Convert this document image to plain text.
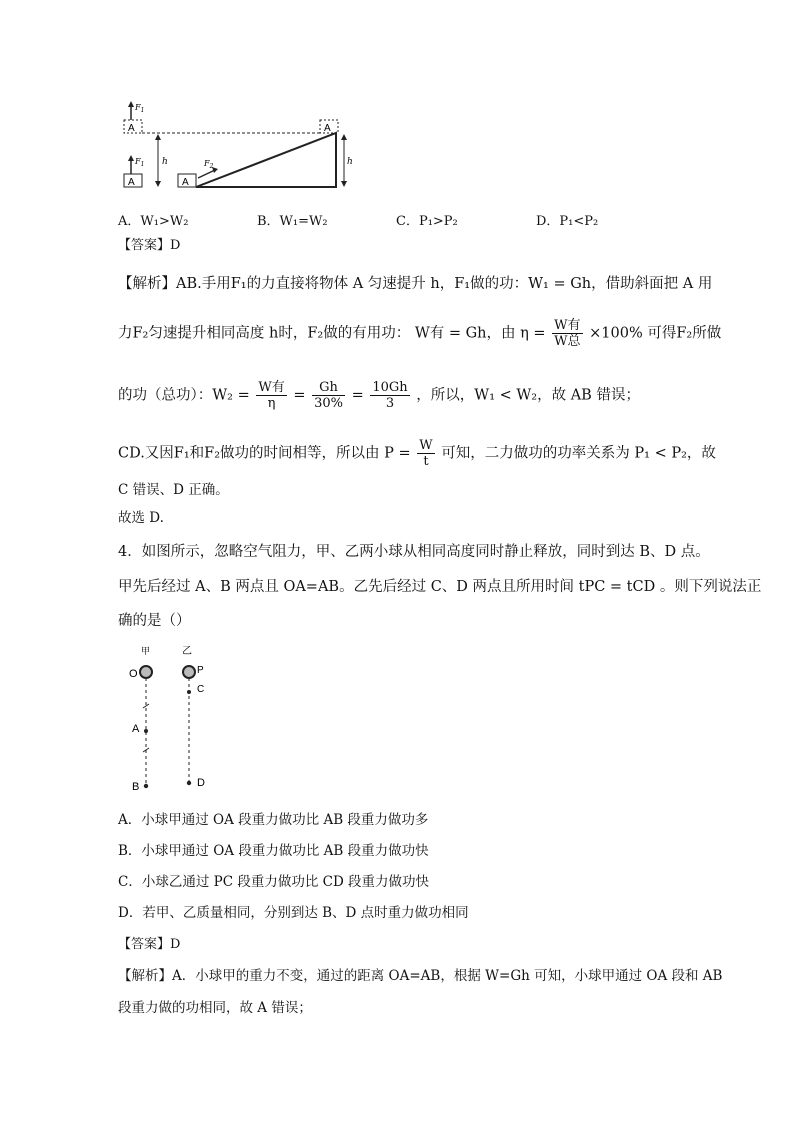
A	A
$F_1$
A
$F_1$ h
A
$F_2$	h
A．W₁>W₂	B．W₁=W₂	C．P₁>P₂	D．P₁<P₂
【答案】D
【解析】AB.手用F₁的力直接将物体 A 匀速提升 h，F₁做的功：W₁ = Gh，借助斜面把 A 用
力F₂匀速提升相同高度 h时，F₂做的有用功： W有 = Gh，由 $\eta = \frac{\text{W有}}{\text{W总}} \times 100\%$ 可得F₂所做
的功（总功）：$W_2 = \frac{\text{W有}}{\eta} = \frac{Gh}{30\%} = \frac{10Gh}{3}$ ，所以，W₁ < W₂，故 AB 错误；
CD.又因F₁和F₂做功的时间相等，所以由 $P = \frac{W}{t}$ 可知，二力做功的功率关系为 P₁ < P₂，故
C 错误、D 正确。
故选 D.
4．如图所示，忽略空气阻力，甲、乙两小球从相同高度同时静止释放，同时到达 B、D 点。
甲先后经过 A、B 两点且 OA=AB。乙先后经过 C、D 两点且所用时间 tPC = tCD 。则下列说法正
确的是（）
甲	乙
O
A
B
P
C
D
A．小球甲通过 OA 段重力做功比 AB 段重力做功多
B．小球甲通过 OA 段重力做功比 AB 段重力做功快
C．小球乙通过 PC 段重力做功比 CD 段重力做功快
D．若甲、乙质量相同，分别到达 B、D 点时重力做功相同
【答案】D
【解析】A．小球甲的重力不变，通过的距离 OA=AB，根据 W=Gh 可知，小球甲通过 OA 段和 AB
段重力做的功相同，故 A 错误；
